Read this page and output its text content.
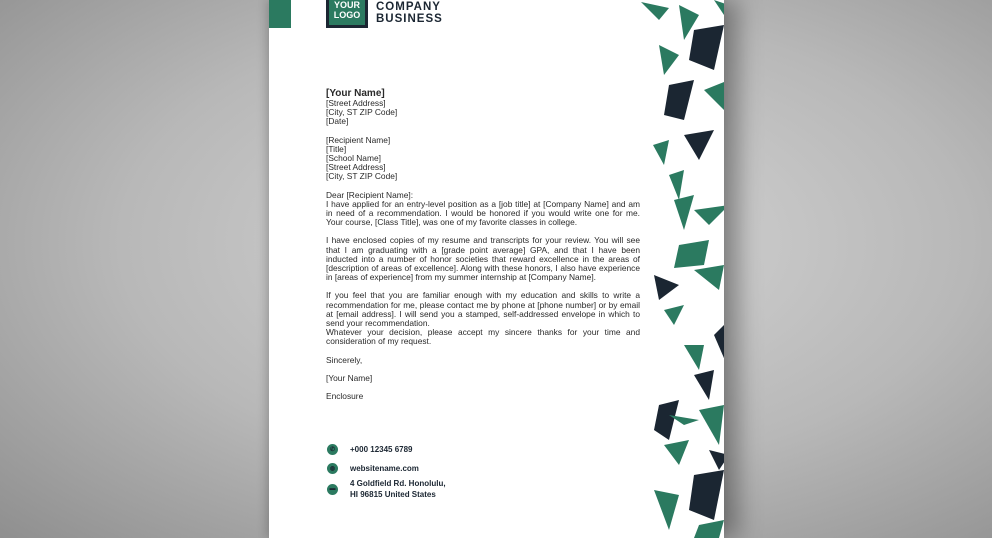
YOUR
LOGO
COMPANY
BUSINESS

[Your Name]
[Street Address]
[City, ST ZIP Code]
[Date]

[Recipient Name]
[Title]
[School Name]
[Street Address]
[City, ST ZIP Code]

Dear [Recipient Name]:
I have applied for an entry-level position as a [job title] at [Company Name] and am in need of a recommendation. I would be honored if you would write one for me. Your course, [Class Title], was one of my favorite classes in college.

I have enclosed copies of my resume and transcripts for your review. You will see that I am graduating with a [grade point average] GPA, and that I have been inducted into a number of honor societies that reward excellence in the areas of [description of areas of excellence]. Along with these honors, I also have experience in [areas of experience] from my summer internship at [Company Name].

If you feel that you are familiar enough with my education and skills to write a recommendation for me, please contact me by phone at [phone number] or by email at [email address]. I will send you a stamped, self-addressed envelope in which to send your recommendation.

Whatever your decision, please accept my sincere thanks for your time and consideration of my request.

Sincerely,

[Your Name]

Enclosure

✆	+000 12345 6789
◍	websitename.com
▬
4 Goldfield Rd. Honolulu,
HI 96815 United States
